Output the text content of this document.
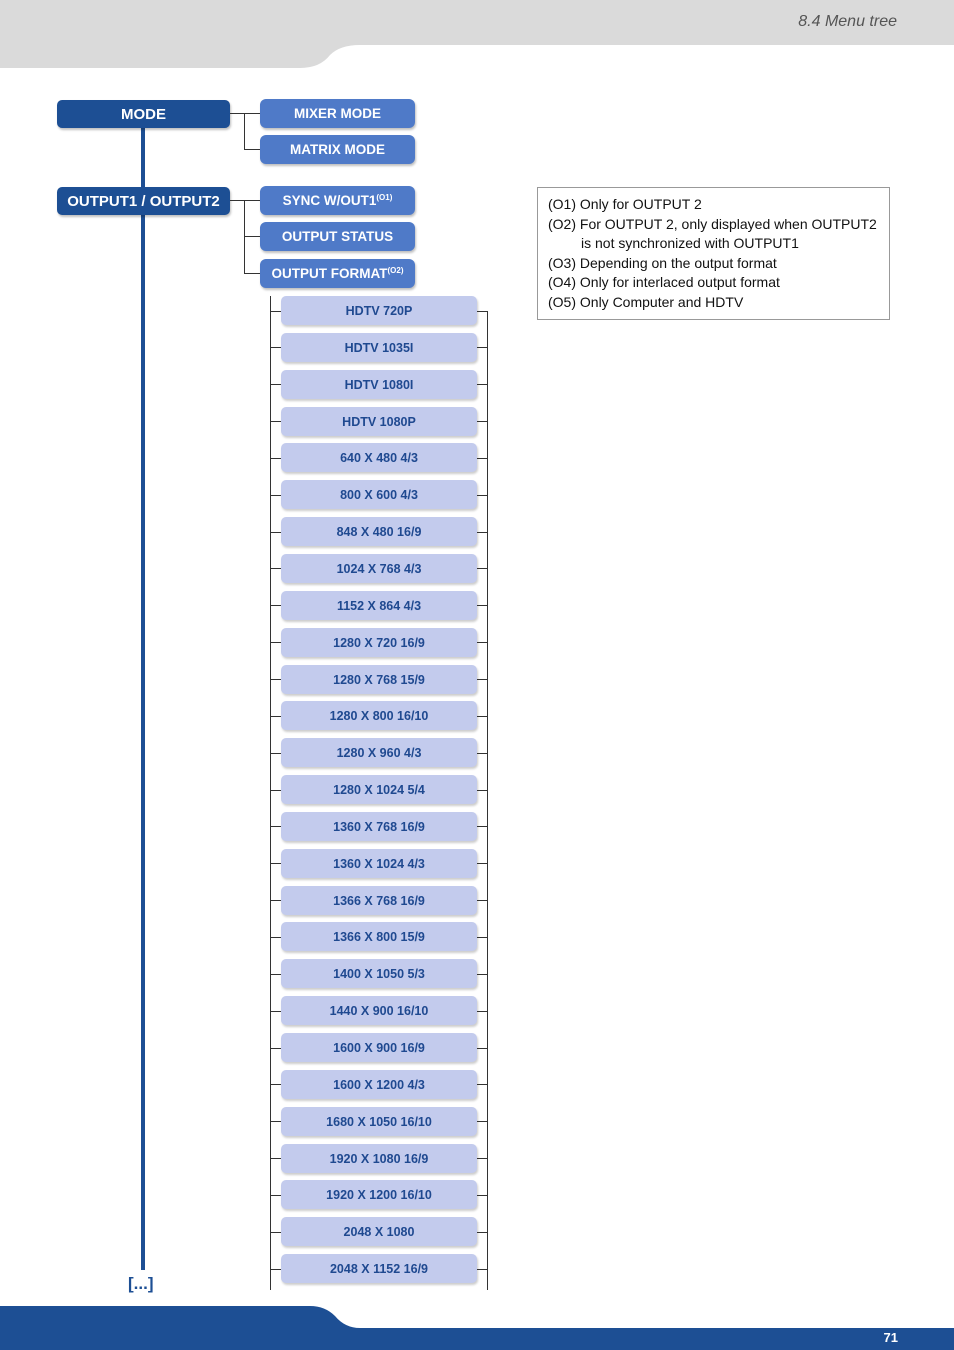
8.4 Menu tree
71
MODE	MIXER MODE
MATRIX MODE
OUTPUT1 / OUTPUT2	SYNC $W/OUT1^{(O1)}$
OUTPUT STATUS
OUTPUT $FORMAT^{(O2)}$
HDTV 720P
HDTV 1035I
HDTV 1080I
HDTV 1080P
640 X 480 4/3
800 X 600 4/3
848 X 480 16/9
1024 X 768 4/3
1152 X 864 4/3
1280 X 720 16/9
1280 X 768 15/9
1280 X 800 16/10
1280 X 960 4/3
1280 X 1024 5/4
1360 X 768 16/9
1360 X 1024 4/3
1366 X 768 16/9
1366 X 800 15/9
1400 X 1050 5/3
1440 X 900 16/10
1600 X 900 16/9
1600 X 1200 4/3
1680 X 1050 16/10
1920 X 1080 16/9
1920 X 1200 16/10
2048 X 1080
2048 X 1152 16/9
[...]
(O1) Only for OUTPUT 2
(O2) For OUTPUT 2, only displayed when OUTPUT2
is not synchronized with OUTPUT1
(O3) Depending on the output format
(O4) Only for interlaced output format
(O5) Only Computer and HDTV
